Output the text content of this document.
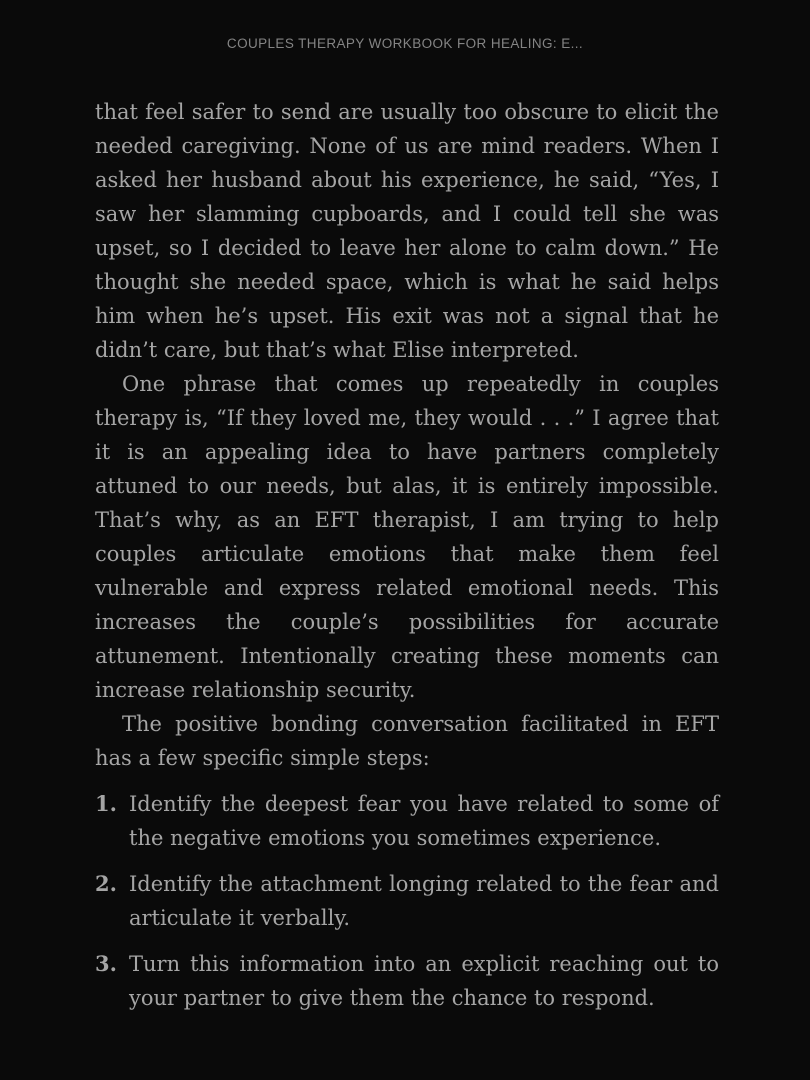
COUPLES THERAPY WORKBOOK FOR HEALING: E...

that feel safer to send are usually too obscure to elicit the needed caregiving. None of us are mind readers. When I asked her husband about his experience, he said, “Yes, I saw her slamming cupboards, and I could tell she was upset, so I decided to leave her alone to calm down.” He thought she needed space, which is what he said helps him when he’s upset. His exit was not a signal that he didn’t care, but that’s what Elise interpreted.

One phrase that comes up repeatedly in couples therapy is, “If they loved me, they would . . .” I agree that it is an appealing idea to have partners completely attuned to our needs, but alas, it is entirely impossible. That’s why, as an EFT therapist, I am trying to help couples articulate emotions that make them feel vulnerable and express related emotional needs. This increases the couple’s possibilities for accurate attunement. Intentionally creating these moments can increase relationship security.

The positive bonding conversation facilitated in EFT has a few specific simple steps:

1. Identify the deepest fear you have related to some of the negative emotions you sometimes experience.
2. Identify the attachment longing related to the fear and articulate it verbally.
3. Turn this information into an explicit reaching out to your partner to give them the chance to respond.
